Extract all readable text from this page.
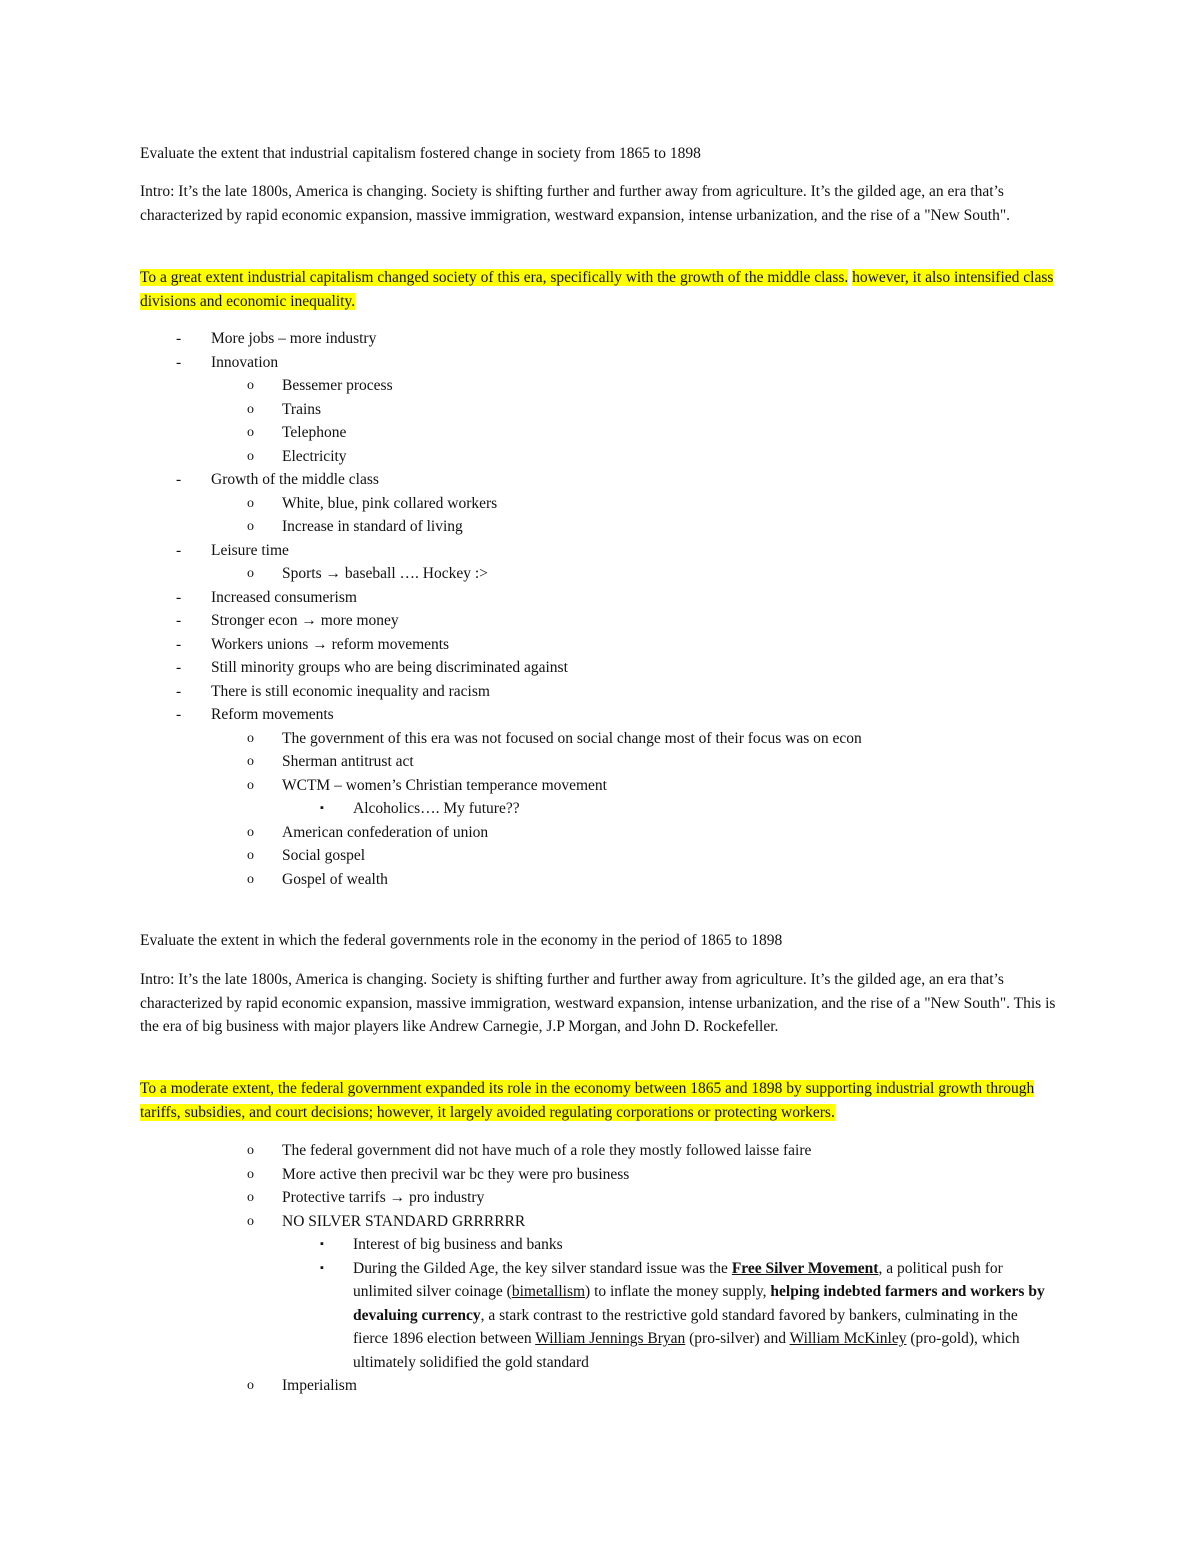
Evaluate the extent that industrial capitalism fostered change in society from 1865 to 1898

Intro: It’s the late 1800s, America is changing. Society is shifting further and further away from agriculture. It’s the gilded age, an era that’s characterized by rapid economic expansion, massive immigration, westward expansion, intense urbanization, and the rise of a "New South".

To a great extent industrial capitalism changed society of this era, specifically with the growth of the middle class. however, it also intensified class divisions and economic inequality.

- More jobs – more industry
- Innovation
o Bessemer process
o Trains
o Telephone
o Electricity
- Growth of the middle class
o White, blue, pink collared workers
o Increase in standard of living
- Leisure time
o Sports → baseball …. Hockey :>
- Increased consumerism
- Stronger econ → more money
- Workers unions → reform movements
- Still minority groups who are being discriminated against
- There is still economic inequality and racism
- Reform movements
o The government of this era was not focused on social change most of their focus was on econ
o Sherman antitrust act
o WCTM – women’s Christian temperance movement
▪ Alcoholics…. My future??
o American confederation of union
o Social gospel
o Gospel of wealth

Evaluate the extent in which the federal governments role in the economy in the period of 1865 to 1898

Intro: It’s the late 1800s, America is changing. Society is shifting further and further away from agriculture. It’s the gilded age, an era that’s characterized by rapid economic expansion, massive immigration, westward expansion, intense urbanization, and the rise of a "New South". This is the era of big business with major players like Andrew Carnegie, J.P Morgan, and John D. Rockefeller.

To a moderate extent, the federal government expanded its role in the economy between 1865 and 1898 by supporting industrial growth through tariffs, subsidies, and court decisions; however, it largely avoided regulating corporations or protecting workers.

o The federal government did not have much of a role they mostly followed laisse faire
o More active then precivil war bc they were pro business
o Protective tarrifs → pro industry
o NO SILVER STANDARD GRRRRRR
▪ Interest of big business and banks
▪ During the Gilded Age, the key silver standard issue was the Free Silver Movement, a political push for unlimited silver coinage (bimetallism) to inflate the money supply, helping indebted farmers and workers by devaluing currency, a stark contrast to the restrictive gold standard favored by bankers, culminating in the fierce 1896 election between William Jennings Bryan (pro-silver) and William McKinley (pro-gold), which ultimately solidified the gold standard
o Imperialism
